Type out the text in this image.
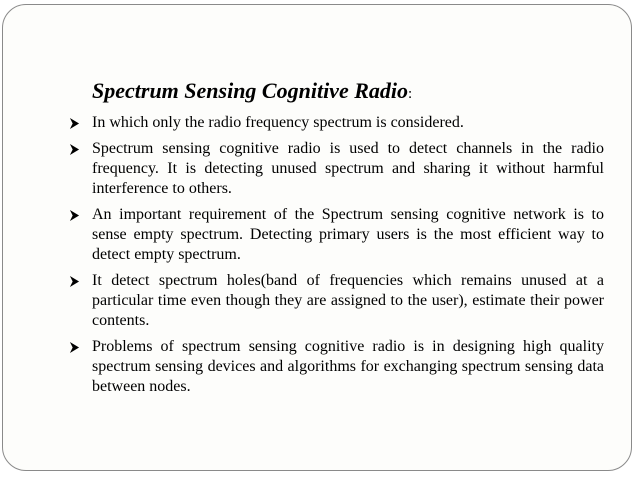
Spectrum Sensing Cognitive Radio:
In which only the radio frequency spectrum is considered.
Spectrum sensing cognitive radio is used to detect channels in the radio frequency. It is detecting unused spectrum and sharing it without harmful interference to others.
An important requirement of the Spectrum sensing cognitive network is to sense empty spectrum. Detecting primary users is the most efficient way to detect empty spectrum.
It detect spectrum holes(band of frequencies which remains unused at a particular time even though they are assigned to the user), estimate their power contents.
Problems of spectrum sensing cognitive radio is in designing high quality spectrum sensing devices and algorithms for exchanging spectrum sensing data between nodes.
